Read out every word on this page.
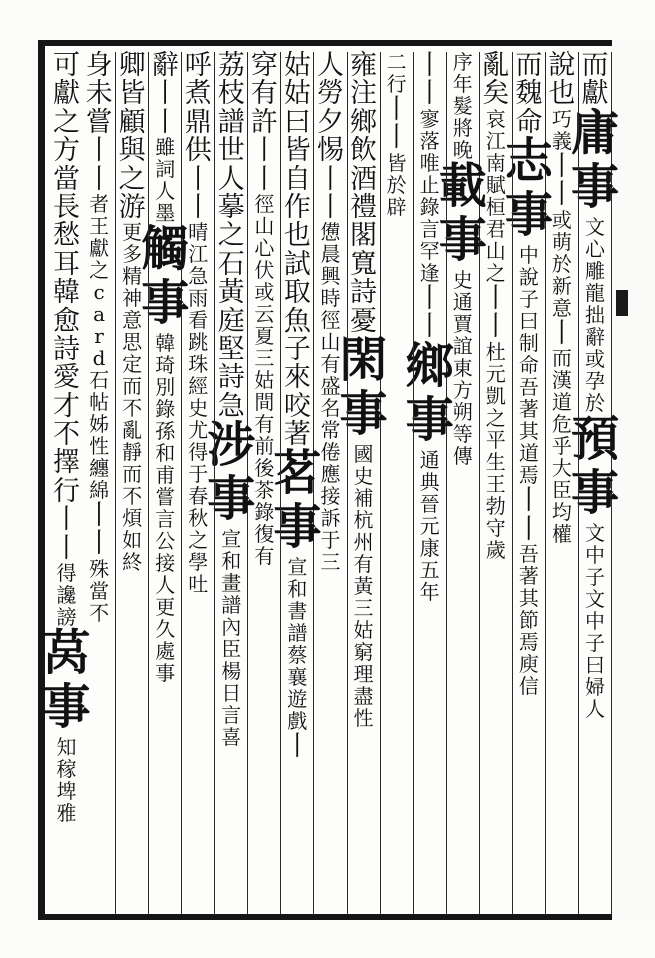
而
獻
庸
事
文
心
雕
龍
拙
辭
或
孕
於
預
事
文
中
子
文
中
子
曰
婦
人
說
也
巧
義
丨
丨
或
萌
於
新
意
丨
而
漢
道
危
乎
大
臣
均
權
而
魏
命
志
事
中
說
子
曰
制
命
吾
著
其
道
焉
丨
丨
吾
著
其
節
焉
庾
信
亂
矣
哀
江
南
賦
桓
君
山
之
丨
丨
杜
元
凱
之
平
生
王
勃
守
歲
序
年
髮
將
晚
載
事
史
通
賈
誼
東
方
朔
等
傳
丨
丨
寥
落
唯
止
錄
言
罕
逢
丨
丨
鄉
事
通
典
晉
元
康
五
年
二
行
丨
丨
皆
於
辟
雍
注
鄉
飲
酒
禮
閣
寬
詩
憂
閑
事
國
史
補
杭
州
有
黃
三
姑
窮
理
盡
性
人
勞
夕
惕
丨
丨
憊
晨
興
時
徑
山
有
盛
名
常
倦
應
接
訴
于
三
姑
姑
曰
皆
自
作
也
試
取
魚
子
來
咬
著
茗
事
宣
和
書
譜
蔡
襄
遊
戲
丨
穿
有
許
丨
丨
徑
山
心
伏
或
云
夏
三
姑
間
有
前
後
茶
錄
復
有
荔
枝
譜
世
人
摹
之
石
黃
庭
堅
詩
急
涉
事
宣
和
畫
譜
內
臣
楊
日
言
喜
呼
煮
鼎
供
丨
丨
晴
江
急
雨
看
跳
珠
經
史
尤
得
于
春
秋
之
學
吐
辭
丨
丨
雖
詞
人
墨
觸
事
韓
琦
別
錄
孫
和
甫
嘗
言
公
接
人
更
久
處
事
卿
皆
顧
與
之
游
更
多
精
神
意
思
定
而
不
亂
靜
而
不
煩
如
終
身
未
嘗
丨
丨
者
王
獻
之
c
a
r
d
石
帖
姊
性
纏
綿
丨
丨
殊
當
不
可
獻
之
方
當
長
愁
耳
韓
愈
詩
愛
才
不
擇
行
丨
丨
得
讒
謗
莴
事
知
稼
埤
雅
